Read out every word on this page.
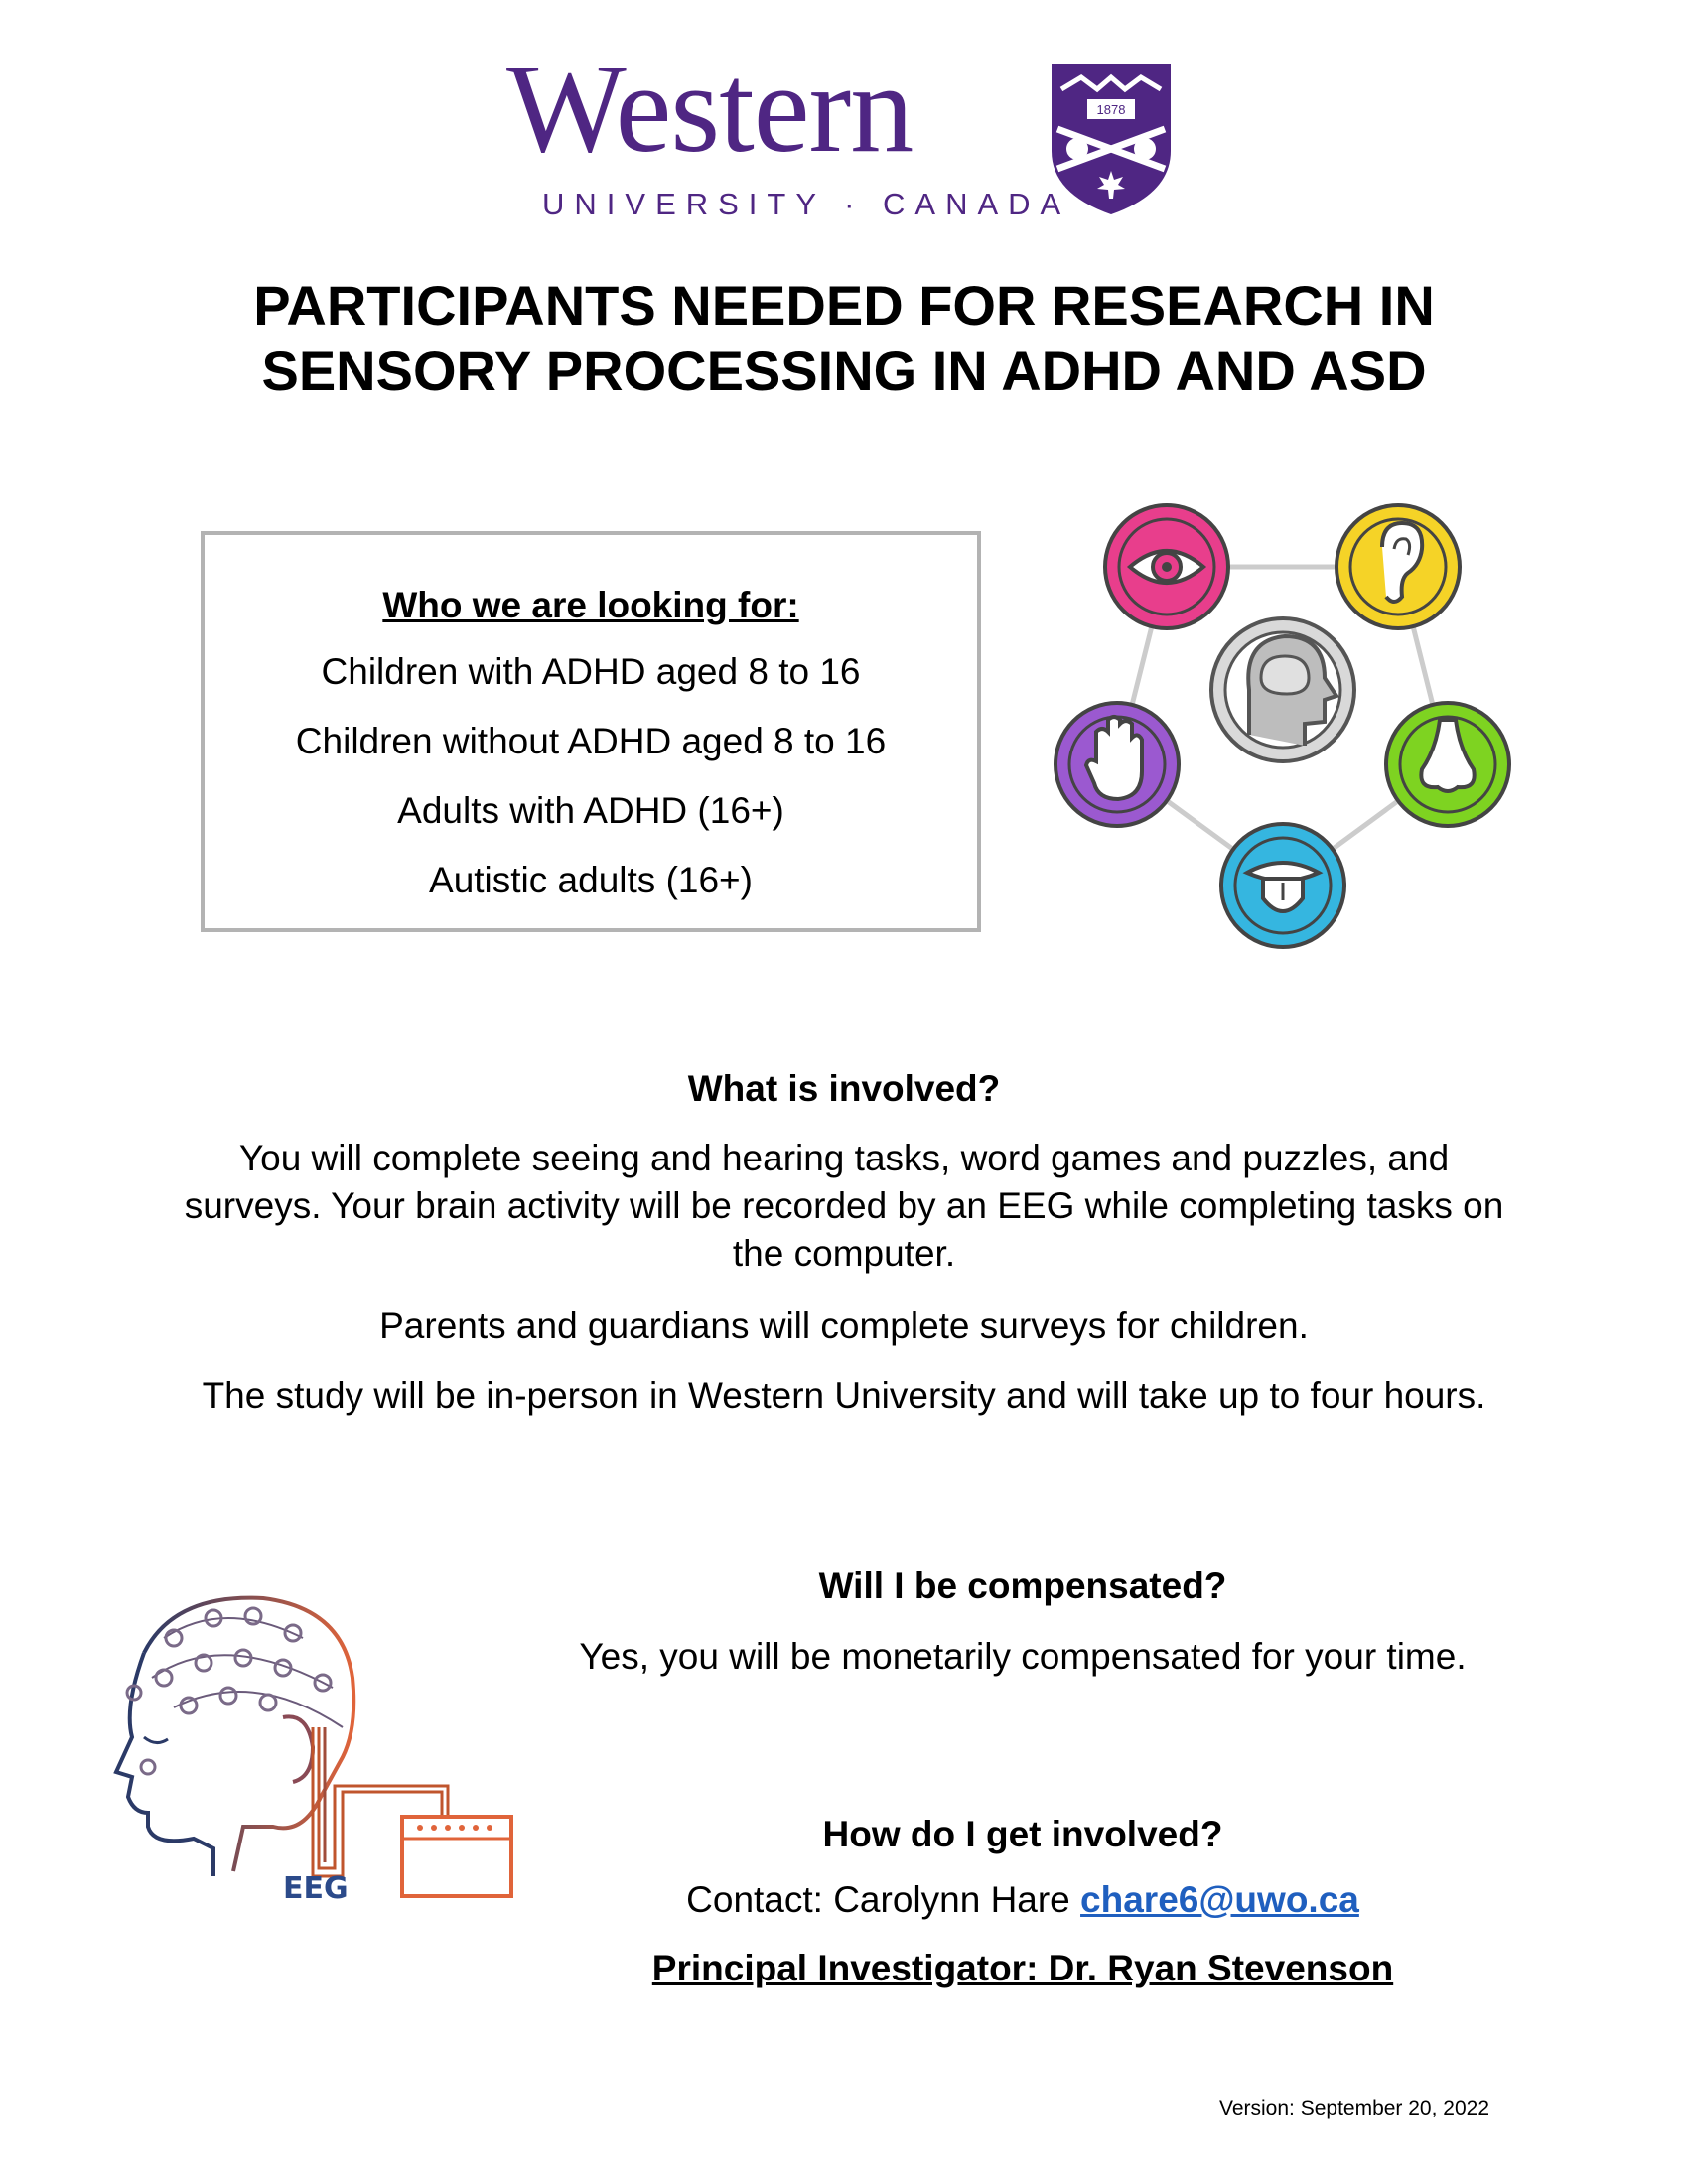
Western
UNIVERSITY · CANADA
1878
PARTICIPANTS NEEDED FOR RESEARCH IN SENSORY PROCESSING IN ADHD AND ASD
Who we are looking for:
Children with ADHD aged 8 to 16
Children without ADHD aged 8 to 16
Adults with ADHD (16+)
Autistic adults (16+)
What is involved?
You will complete seeing and hearing tasks, word games and puzzles, and surveys. Your brain activity will be recorded by an EEG while completing tasks on the computer.
Parents and guardians will complete surveys for children.
The study will be in-person in Western University and will take up to four hours.
EEG
Will I be compensated?
Yes, you will be monetarily compensated for your time.
How do I get involved?
Contact: Carolynn Hare chare6@uwo.ca
Principal Investigator: Dr. Ryan Stevenson
Version: September 20, 2022
